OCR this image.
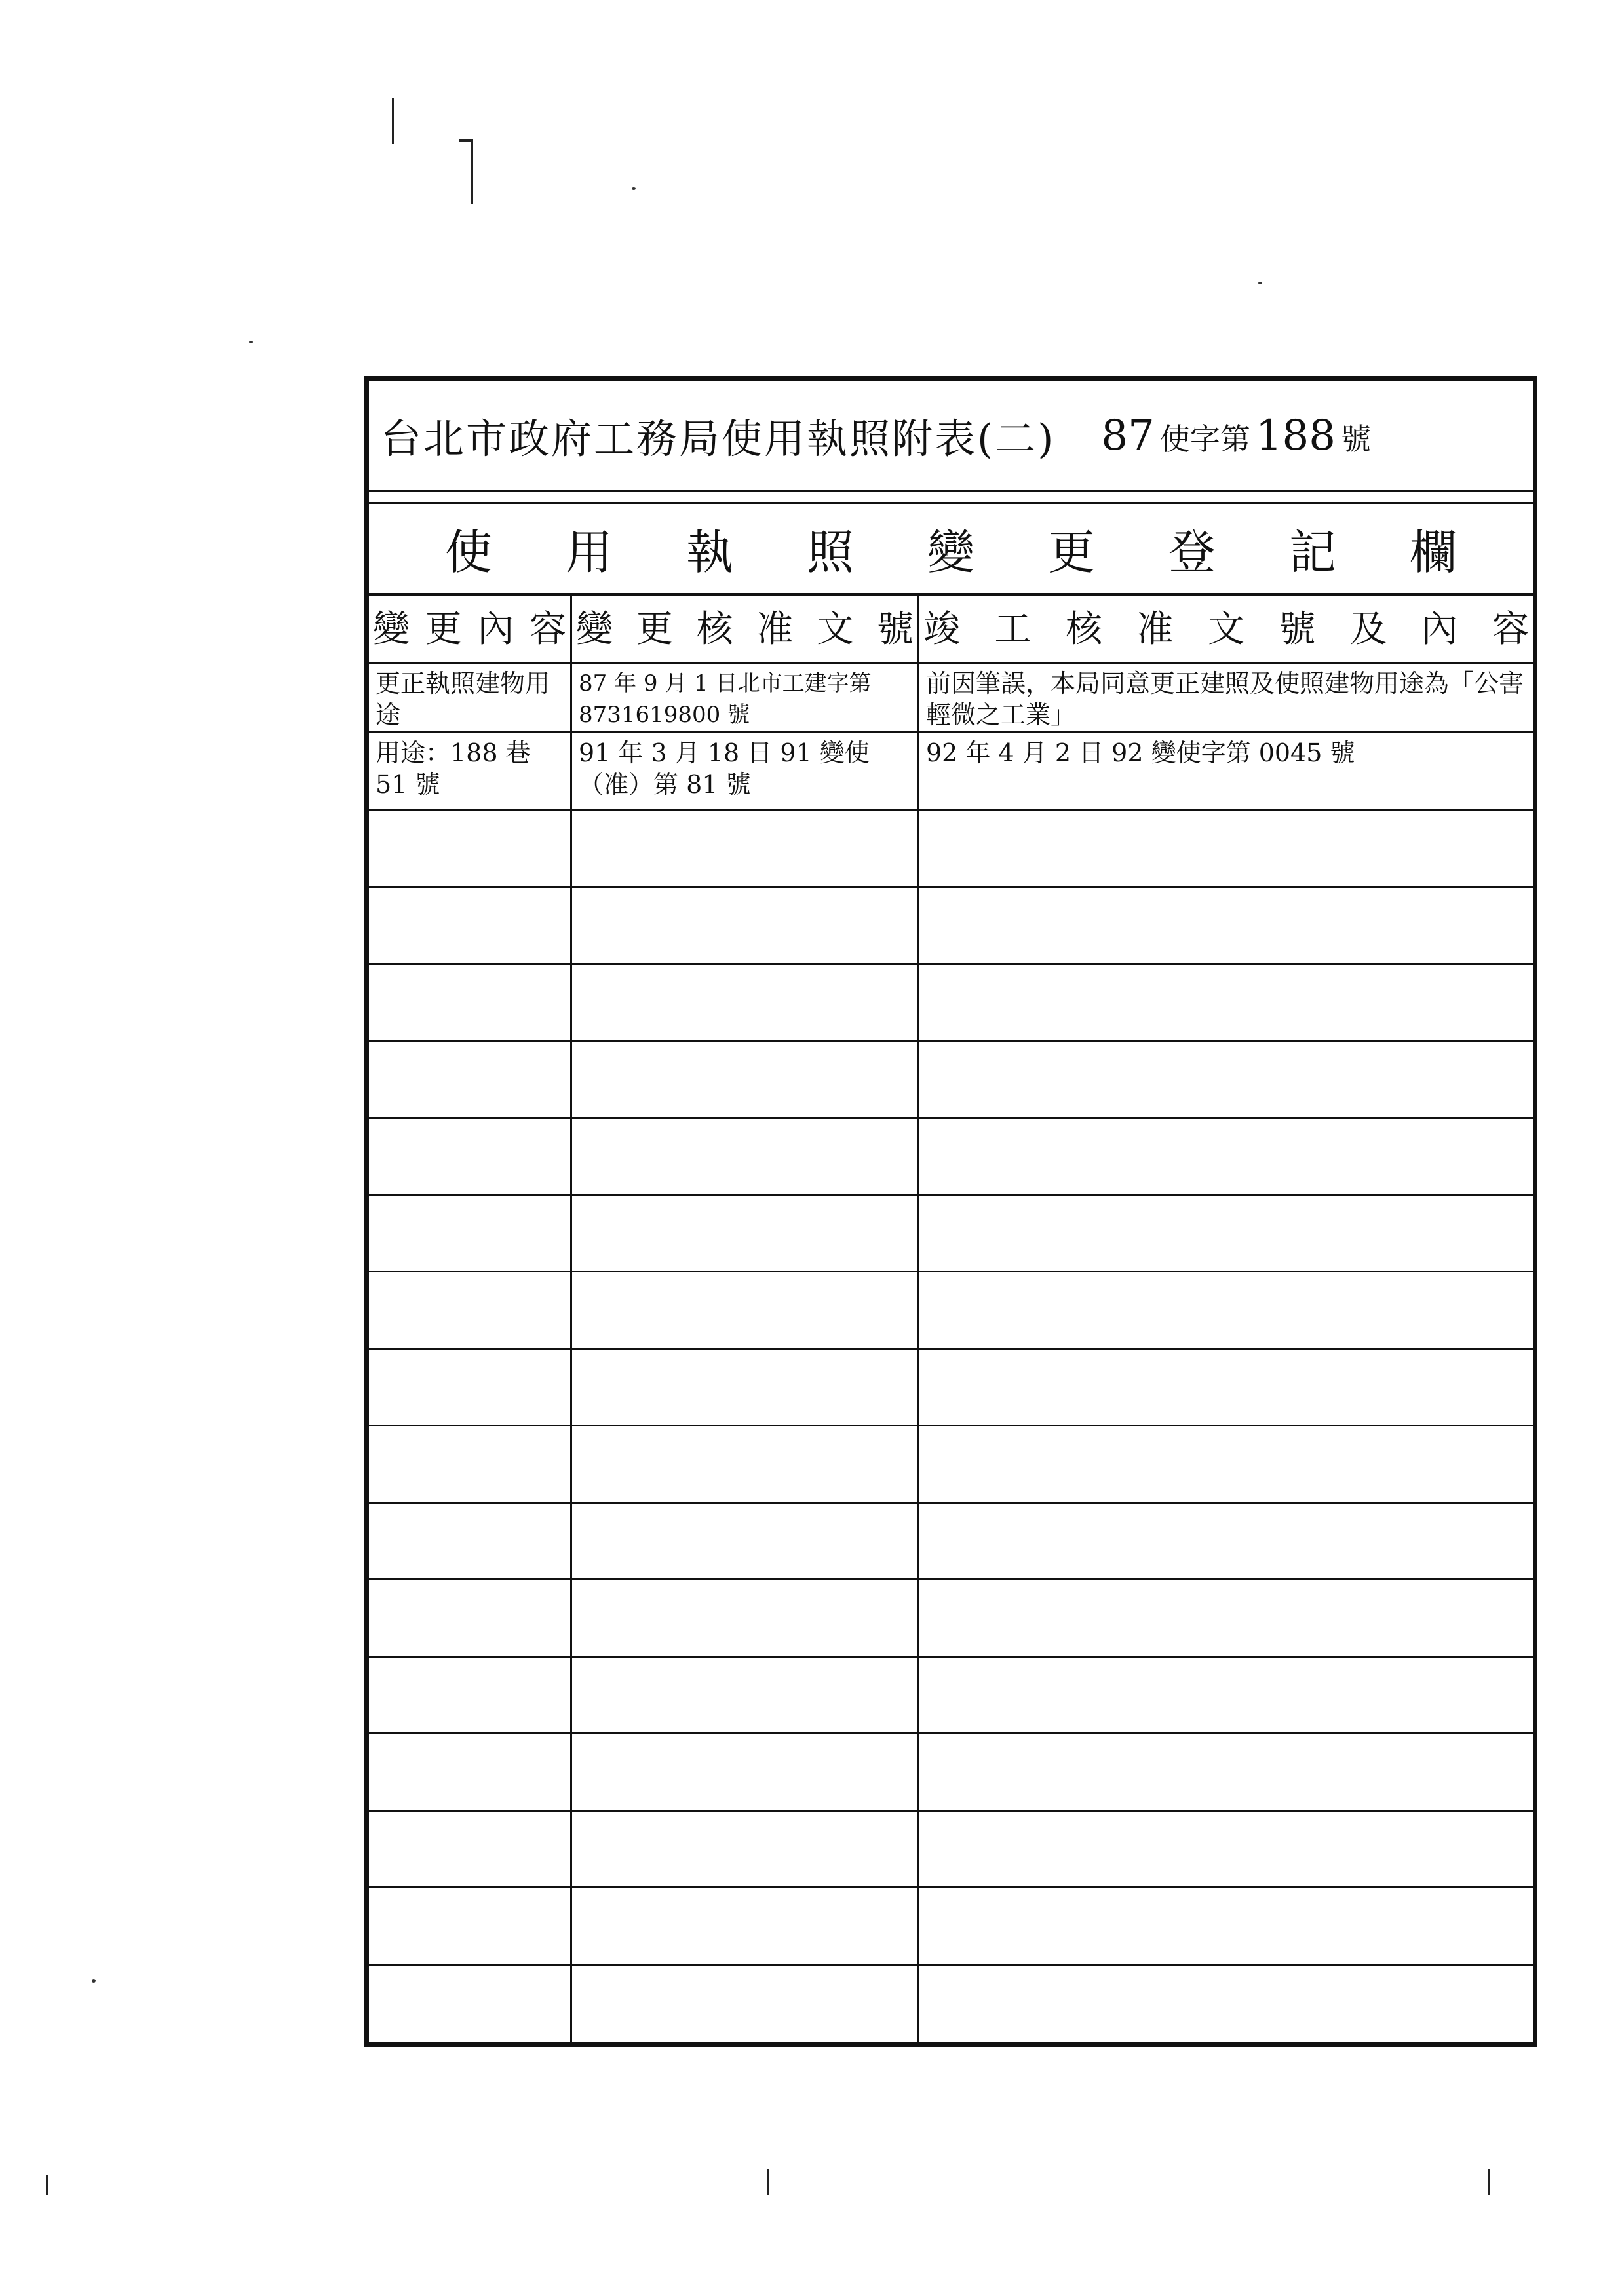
台北市政府工務局使用執照附表(二) 87 使字第 188 號
使 用 執 照 變 更 登 記 欄
變更內容 變更核准文號 竣工核准文號及內容
更正執照建物用途
87 年 9 月 1 日北市工建字第 8731619800 號
前因筆誤，本局同意更正建照及使照建物用途為「公害輕微之工業」
用途：188 巷 51 號
91 年 3 月 18 日 91 變使（准）第 81 號
92 年 4 月 2 日 92 變使字第 0045 號
